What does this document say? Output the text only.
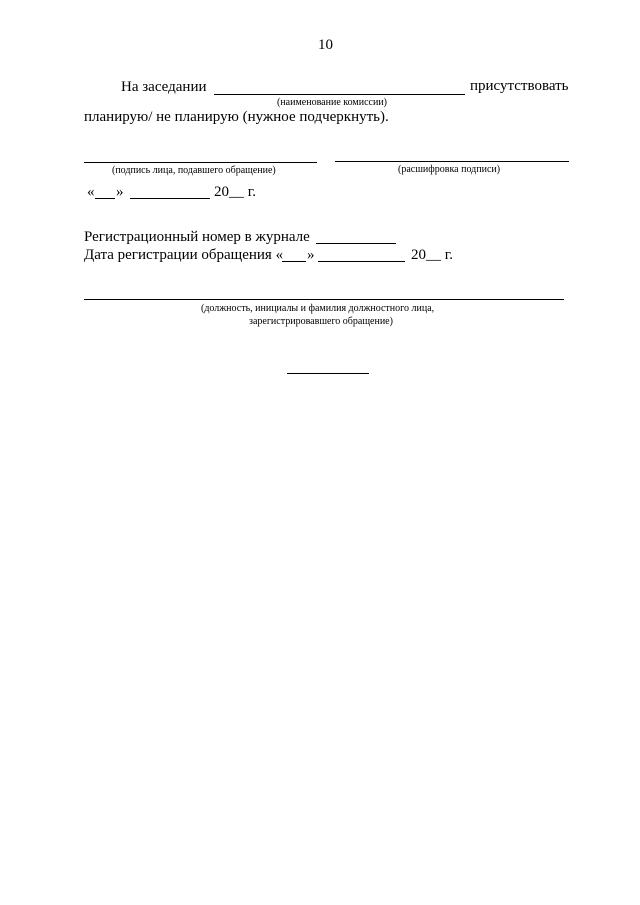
10
На заседании	присутствовать
(наименование комиссии)
планирую/ не планирую (нужное подчеркнуть).
(подпись лица, подавшего обращение)	(расшифровка подписи)
« »	20__ г.
Регистрационный номер в журнале
Дата регистрации обращения « »	20__ г.
(должность, инициалы и фамилия должностного лица,
зарегистрировавшего обращение)
